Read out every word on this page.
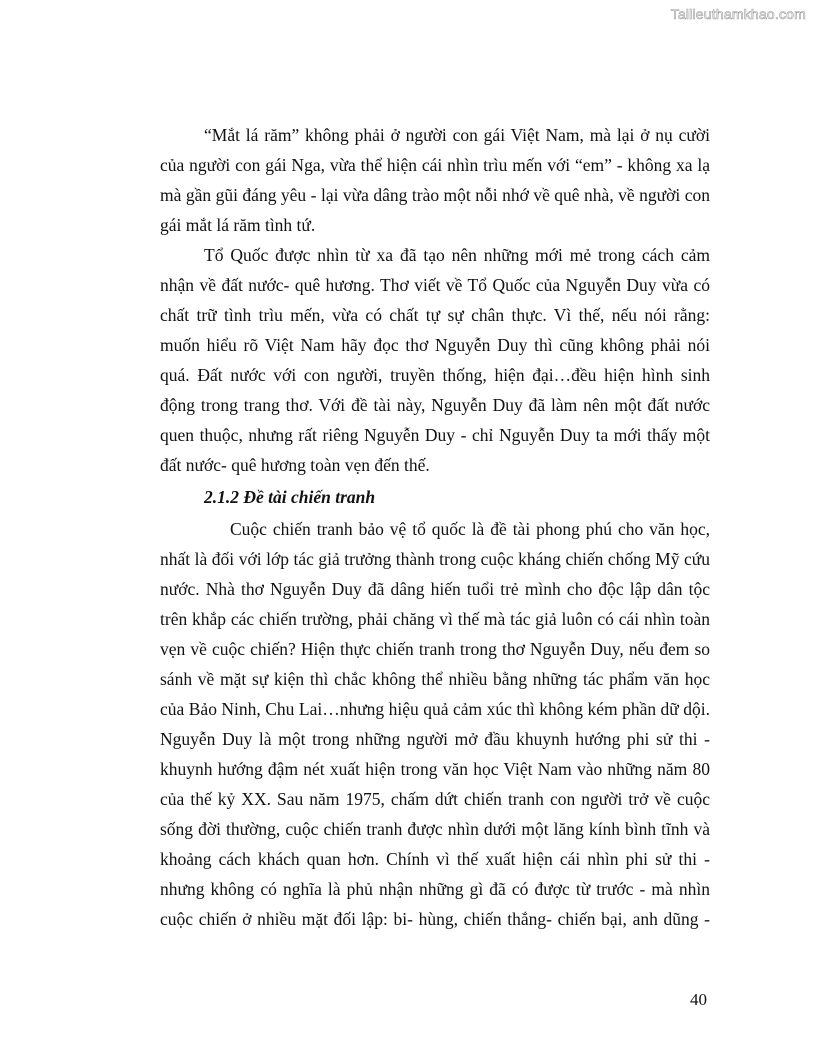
Tailieuthamkhao.com
“Mắt lá răm” không phải ở người con gái Việt Nam, mà lại ở nụ cười
của người con gái Nga, vừa thể hiện cái nhìn trìu mến với “em” - không xa lạ
mà gần gũi đáng yêu - lại vừa dâng trào một nỗi nhớ về quê nhà, về người con
gái mắt lá răm tình tứ.
Tổ Quốc được nhìn từ xa đã tạo nên những mới mẻ trong cách cảm
nhận về đất nước- quê hương. Thơ viết về Tổ Quốc của Nguyễn Duy vừa có
chất trữ tình trìu mến, vừa có chất tự sự chân thực. Vì thế, nếu nói rằng:
muốn hiểu rõ Việt Nam hãy đọc thơ Nguyễn Duy thì cũng không phải nói
quá. Đất nước với con người, truyền thống, hiện đại…đều hiện hình sinh
động trong trang thơ. Với đề tài này, Nguyễn Duy đã làm nên một đất nước
quen thuộc, nhưng rất riêng Nguyễn Duy - chỉ Nguyễn Duy ta mới thấy một
đất nước- quê hương toàn vẹn đến thế.
2.1.2 Đề tài chiến tranh
Cuộc chiến tranh bảo vệ tổ quốc là đề tài phong phú cho văn học,
nhất là đối với lớp tác giả trưởng thành trong cuộc kháng chiến chống Mỹ cứu
nước. Nhà thơ Nguyễn Duy đã dâng hiến tuổi trẻ mình cho độc lập dân tộc
trên khắp các chiến trường, phải chăng vì thế mà tác giả luôn có cái nhìn toàn
vẹn về cuộc chiến? Hiện thực chiến tranh trong thơ Nguyễn Duy, nếu đem so
sánh về mặt sự kiện thì chắc không thể nhiều bằng những tác phẩm văn học
của Bảo Ninh, Chu Lai…nhưng hiệu quả cảm xúc thì không kém phần dữ dội.
Nguyễn Duy là một trong những người mở đầu khuynh hướng phi sử thi -
khuynh hướng đậm nét xuất hiện trong văn học Việt Nam vào những năm 80
của thế kỷ XX. Sau năm 1975, chấm dứt chiến tranh con người trở về cuộc
sống đời thường, cuộc chiến tranh được nhìn dưới một lăng kính bình tĩnh và
khoảng cách khách quan hơn. Chính vì thế xuất hiện cái nhìn phi sử thi -
nhưng không có nghĩa là phủ nhận những gì đã có được từ trước - mà nhìn
cuộc chiến ở nhiều mặt đối lập: bi- hùng, chiến thắng- chiến bại, anh dũng -
40
